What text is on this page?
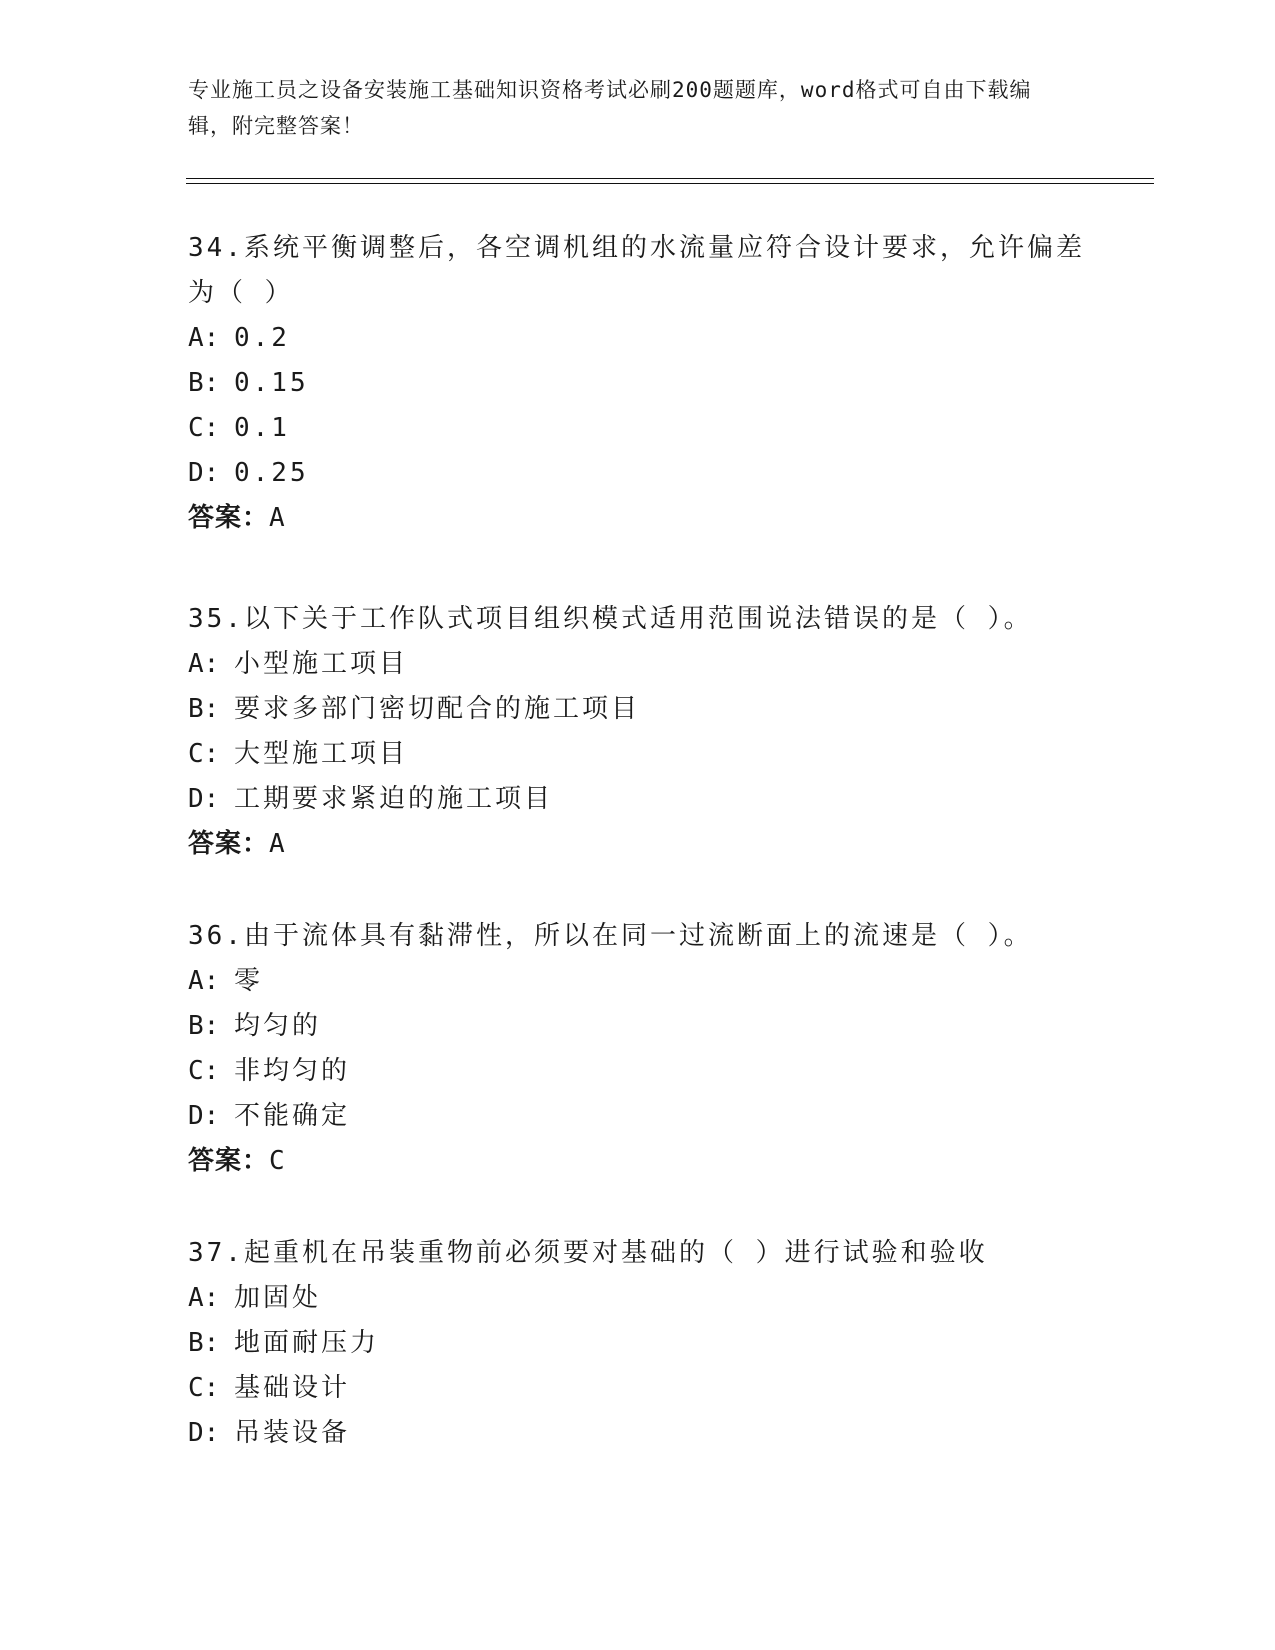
专业施工员之设备安装施工基础知识资格考试必刷200题题库，word格式可自由下载编辑，附完整答案！

34.系统平衡调整后，各空调机组的水流量应符合设计要求，允许偏差为（ ）

A: 0.2

B: 0.15

C: 0.1

D: 0.25

答案：A

35.以下关于工作队式项目组织模式适用范围说法错误的是（ ）。

A: 小型施工项目

B: 要求多部门密切配合的施工项目

C: 大型施工项目

D: 工期要求紧迫的施工项目

答案：A

36.由于流体具有黏滞性，所以在同一过流断面上的流速是（ ）。

A: 零

B: 均匀的

C: 非均匀的

D: 不能确定

答案：C

37.起重机在吊装重物前必须要对基础的（ ）进行试验和验收

A: 加固处

B: 地面耐压力

C: 基础设计

D: 吊装设备
